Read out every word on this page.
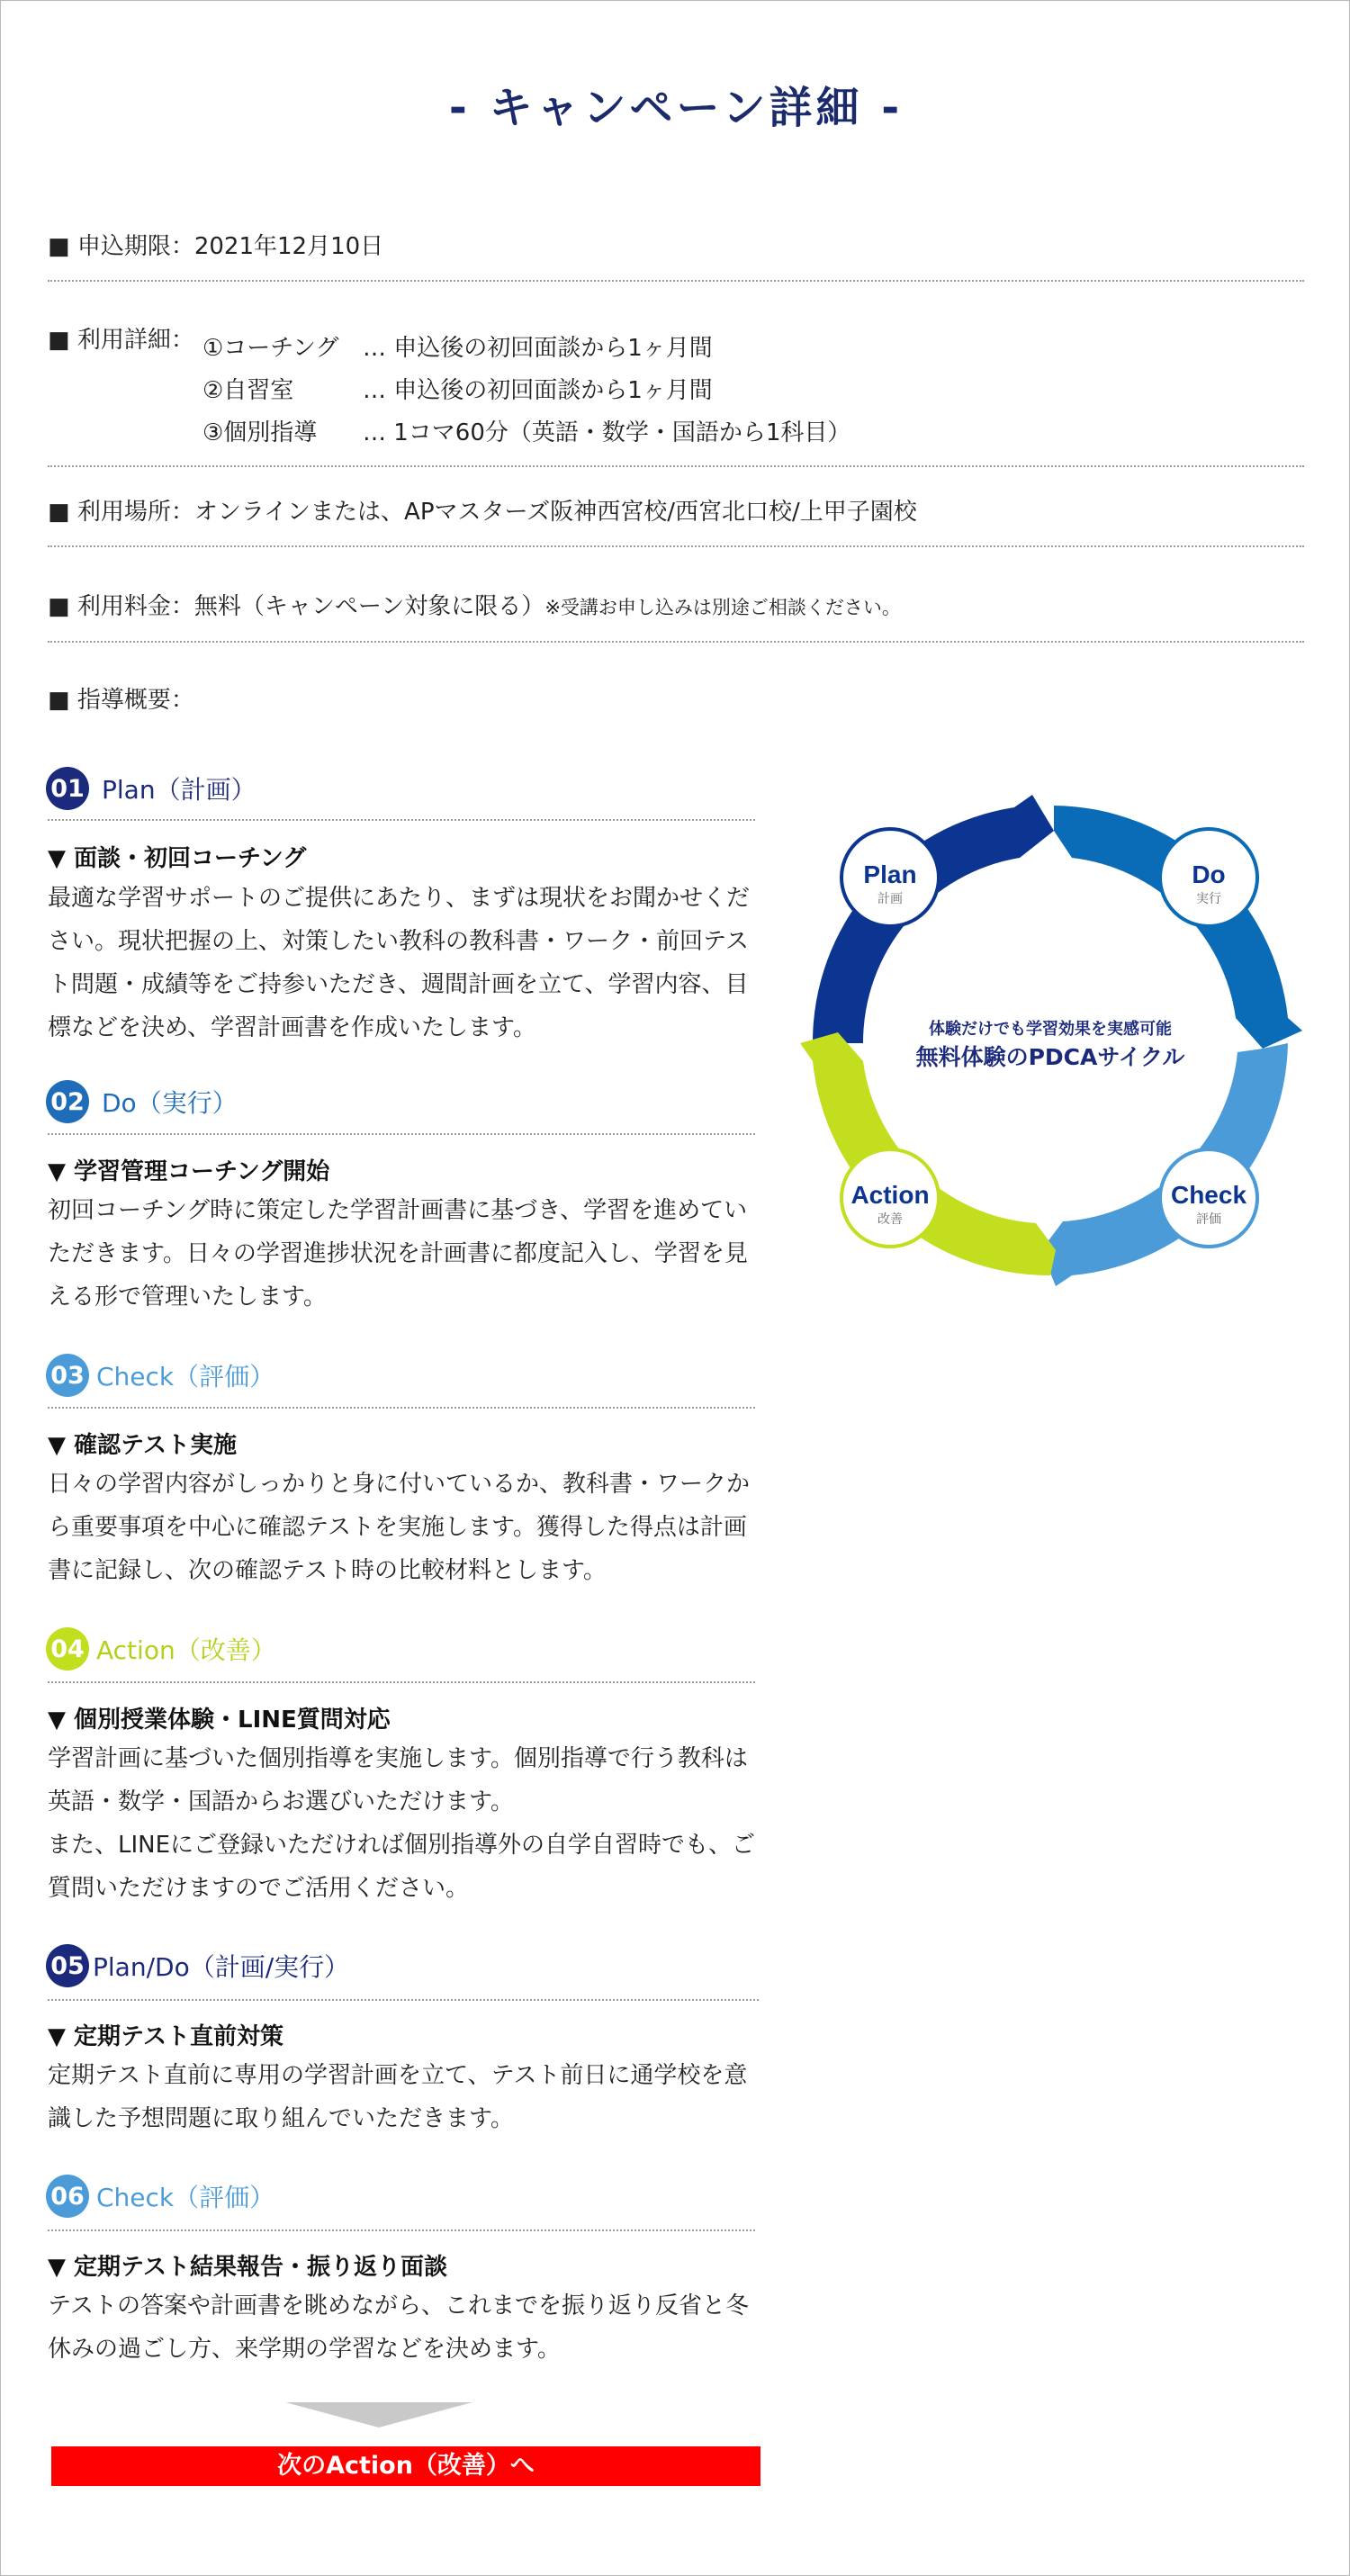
- キャンペーン詳細 -
■ 申込期限：2021年12月10日
■ 利用詳細： ①コーチング … 申込後の初回面談から1ヶ月間
②自習室	… 申込後の初回面談から1ヶ月間
③個別指導 … 1コマ60分（英語・数学・国語から1科目）
■ 利用場所：オンラインまたは、APマスターズ阪神西宮校/西宮北口校/上甲子園校
■ 利用料金：無料（キャンペーン対象に限る）※受講お申し込みは別途ご相談ください。
■ 指導概要：
01 Plan（計画）
▼ 面談・初回コーチング
最適な学習サポートのご提供にあたり、まずは現状をお聞かせください。現状把握の上、対策したい教科の教科書・ワーク・前回テスト問題・成績等をご持参いただき、週間計画を立て、学習内容、目標などを決め、学習計画書を作成いたします。
02 Do（実行）
▼ 学習管理コーチング開始
初回コーチング時に策定した学習計画書に基づき、学習を進めていただきます。日々の学習進捗状況を計画書に都度記入し、学習を見える形で管理いたします。
03 Check（評価）
▼ 確認テスト実施
日々の学習内容がしっかりと身に付いているか、教科書・ワークから重要事項を中心に確認テストを実施します。獲得した得点は計画書に記録し、次の確認テスト時の比較材料とします。
04 Action（改善）
▼ 個別授業体験・LINE質問対応
学習計画に基づいた個別指導を実施します。個別指導で行う教科は英語・数学・国語からお選びいただけます。
また、LINEにご登録いただければ個別指導外の自学自習時でも、ご質問いただけますのでご活用ください。
05 Plan/Do（計画/実行）
▼ 定期テスト直前対策
定期テスト直前に専用の学習計画を立て、テスト前日に通学校を意識した予想問題に取り組んでいただきます。
06 Check（評価）
▼ 定期テスト結果報告・振り返り面談
テストの答案や計画書を眺めながら、これまでを振り返り反省と冬休みの過ごし方、来学期の学習などを決めます。
次のAction（改善）へ
Plan
計画
Do
実行
Check
評価
Action
改善
体験だけでも学習効果を実感可能
無料体験のPDCAサイクル
